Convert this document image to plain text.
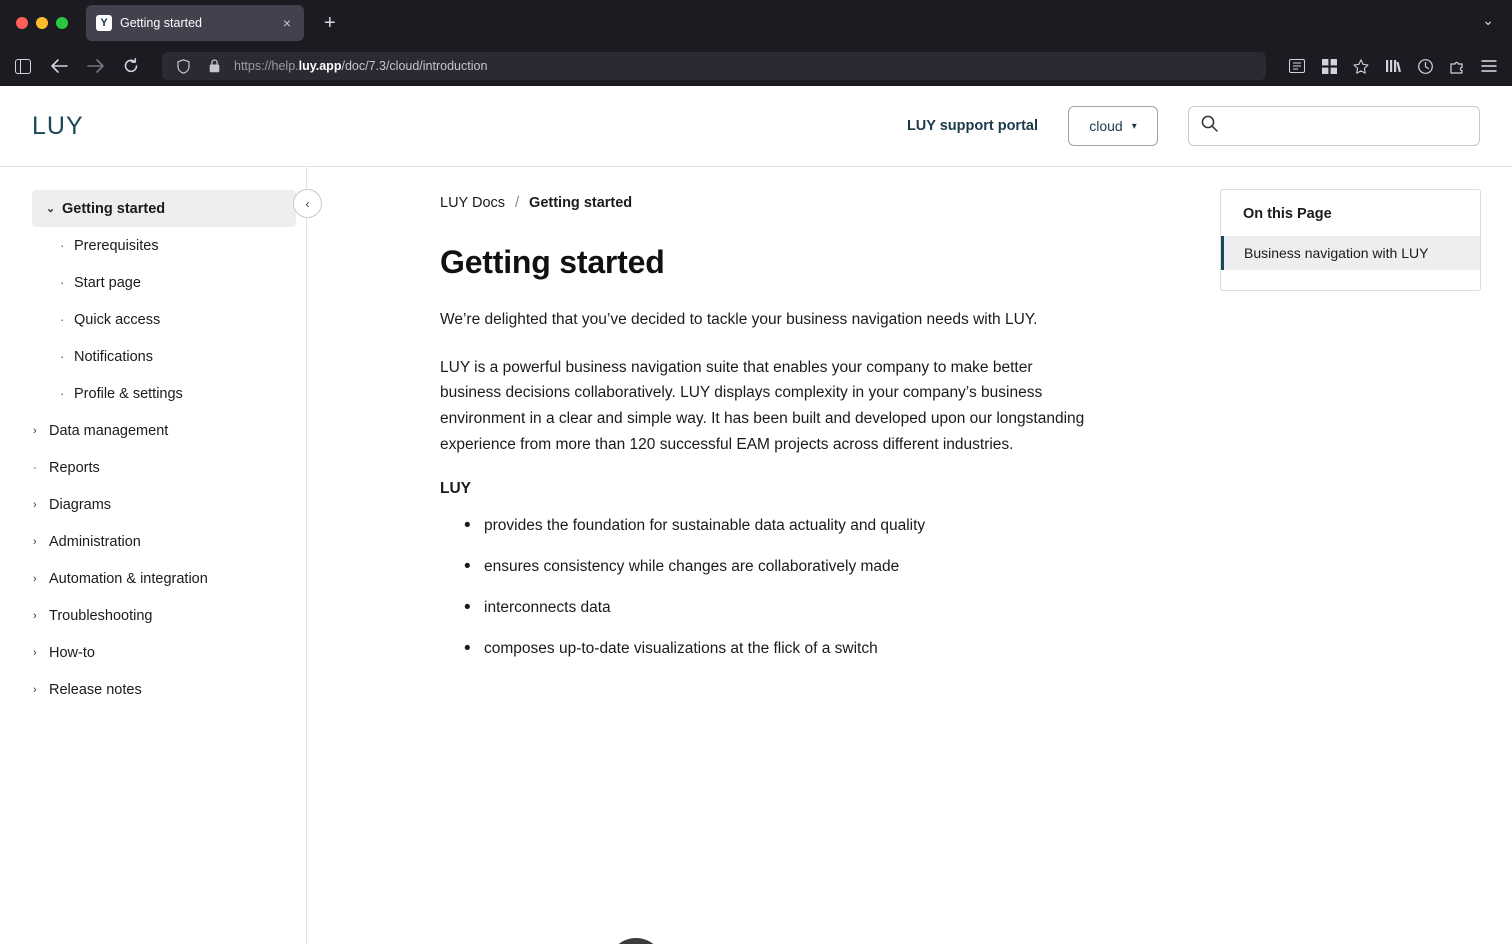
Y Getting started	×	+	⌄
https://help.luy.app/doc/7.3/cloud/introduction
LUY	LUY support portal	cloud ▾
⌄ Getting started
· Prerequisites
· Start page
· Quick access
· Notifications
· Profile & settings
› Data management
· Reports
› Diagrams
› Administration
› Automation & integration
› Troubleshooting
› How-to
› Release notes
‹	LUY Docs / Getting started
Getting started

We’re delighted that you’ve decided to tackle your business navigation needs with LUY.

LUY is a powerful business navigation suite that enables your company to make better business decisions collaboratively. LUY displays complexity in your company’s business environment in a clear and simple way. It has been built and developed upon our longstanding experience from more than 120 successful EAM projects across different industries.

LUY
• provides the foundation for sustainable data actuality and quality
• ensures consistency while changes are collaboratively made
• interconnects data
• composes up-to-date visualizations at the flick of a switch
On this Page
Business navigation with LUY
